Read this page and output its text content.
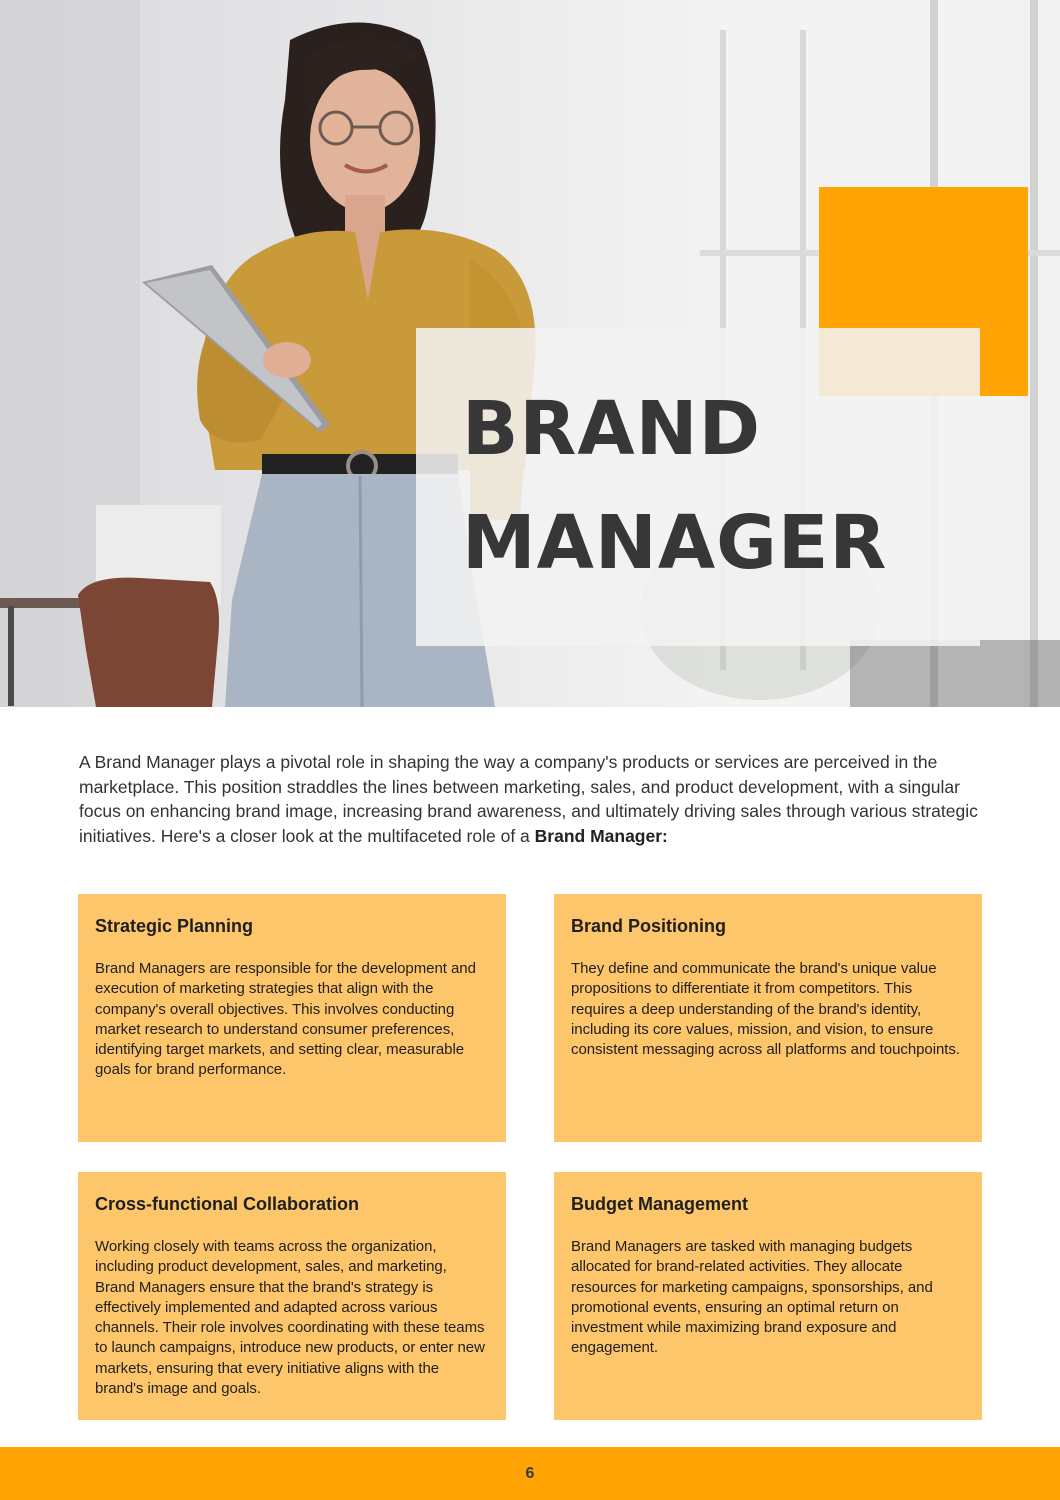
BRAND
MANAGER

A Brand Manager plays a pivotal role in shaping the way a company's products or services are perceived in the marketplace. This position straddles the lines between marketing, sales, and product development, with a singular focus on enhancing brand image, increasing brand awareness, and ultimately driving sales through various strategic initiatives. Here's a closer look at the multifaceted role of a Brand Manager:

Strategic Planning

Brand Managers are responsible for the development and execution of marketing strategies that align with the company's overall objectives. This involves conducting market research to understand consumer preferences, identifying target markets, and setting clear, measurable goals for brand performance.

Brand Positioning

They define and communicate the brand's unique value propositions to differentiate it from competitors. This requires a deep understanding of the brand's identity, including its core values, mission, and vision, to ensure consistent messaging across all platforms and touchpoints.

Cross-functional Collaboration

Working closely with teams across the organization, including product development, sales, and marketing, Brand Managers ensure that the brand's strategy is effectively implemented and adapted across various channels. Their role involves coordinating with these teams to launch campaigns, introduce new products, or enter new markets, ensuring that every initiative aligns with the brand's image and goals.

Budget Management

Brand Managers are tasked with managing budgets allocated for brand-related activities. They allocate resources for marketing campaigns, sponsorships, and promotional events, ensuring an optimal return on investment while maximizing brand exposure and engagement.

6
